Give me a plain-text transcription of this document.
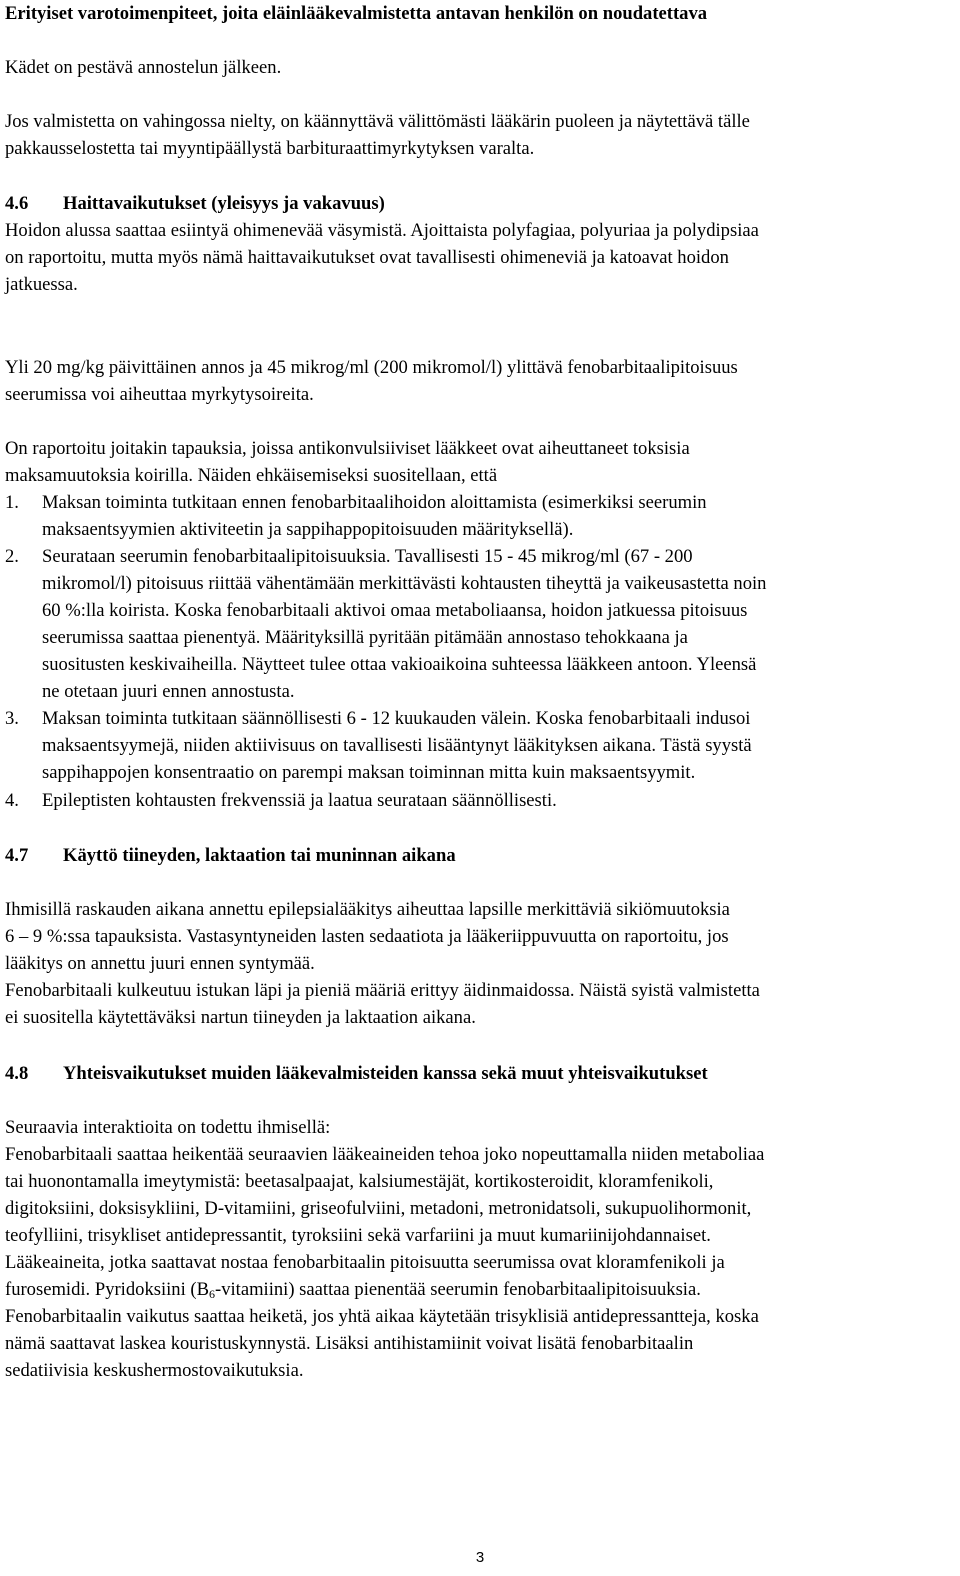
Erityiset varotoimenpiteet, joita eläinlääkevalmistetta antavan henkilön on noudatettava
Kädet on pestävä annostelun jälkeen.
Jos valmistetta on vahingossa nielty, on käännyttävä välittömästi lääkärin puoleen ja näytettävä tälle
pakkausselostetta tai myyntipäällystä barbituraattimyrkytyksen varalta.
4.6 Haittavaikutukset (yleisyys ja vakavuus)
Hoidon alussa saattaa esiintyä ohimenevää väsymistä. Ajoittaista polyfagiaa, polyuriaa ja polydipsiaa
on raportoitu, mutta myös nämä haittavaikutukset ovat tavallisesti ohimeneviä ja katoavat hoidon
jatkuessa.
Yli 20 mg/kg päivittäinen annos ja 45 mikrog/ml (200 mikromol/l) ylittävä fenobarbitaalipitoisuus
seerumissa voi aiheuttaa myrkytysoireita.
On raportoitu joitakin tapauksia, joissa antikonvulsiiviset lääkkeet ovat aiheuttaneet toksisia
maksamuutoksia koirilla. Näiden ehkäisemiseksi suositellaan, että
1. Maksan toiminta tutkitaan ennen fenobarbitaalihoidon aloittamista (esimerkiksi seerumin
maksaentsyymien aktiviteetin ja sappihappopitoisuuden määrityksellä).
2. Seurataan seerumin fenobarbitaalipitoisuuksia. Tavallisesti 15 - 45 mikrog/ml (67 - 200
mikromol/l) pitoisuus riittää vähentämään merkittävästi kohtausten tiheyttä ja vaikeusastetta noin
60 %:lla koirista. Koska fenobarbitaali aktivoi omaa metaboliaansa, hoidon jatkuessa pitoisuus
seerumissa saattaa pienentyä. Määrityksillä pyritään pitämään annostaso tehokkaana ja
suositusten keskivaiheilla. Näytteet tulee ottaa vakioaikoina suhteessa lääkkeen antoon. Yleensä
ne otetaan juuri ennen annostusta.
3. Maksan toiminta tutkitaan säännöllisesti 6 - 12 kuukauden välein. Koska fenobarbitaali indusoi
maksaentsyymejä, niiden aktiivisuus on tavallisesti lisääntynyt lääkityksen aikana. Tästä syystä
sappihappojen konsentraatio on parempi maksan toiminnan mitta kuin maksaentsyymit.
4. Epileptisten kohtausten frekvenssiä ja laatua seurataan säännöllisesti.
4.7 Käyttö tiineyden, laktaation tai muninnan aikana
Ihmisillä raskauden aikana annettu epilepsialääkitys aiheuttaa lapsille merkittäviä sikiömuutoksia
6 – 9 %:ssa tapauksista. Vastasyntyneiden lasten sedaatiota ja lääkeriippuvuutta on raportoitu, jos
lääkitys on annettu juuri ennen syntymää.
Fenobarbitaali kulkeutuu istukan läpi ja pieniä määriä erittyy äidinmaidossa. Näistä syistä valmistetta
ei suositella käytettäväksi nartun tiineyden ja laktaation aikana.
4.8 Yhteisvaikutukset muiden lääkevalmisteiden kanssa sekä muut yhteisvaikutukset
Seuraavia interaktioita on todettu ihmisellä:
Fenobarbitaali saattaa heikentää seuraavien lääkeaineiden tehoa joko nopeuttamalla niiden metaboliaa
tai huonontamalla imeytymistä: beetasalpaajat, kalsiumestäjät, kortikosteroidit, kloramfenikoli,
digitoksiini, doksisykliini, D-vitamiini, griseofulviini, metadoni, metronidatsoli, sukupuolihormonit,
teofylliini, trisykliset antidepressantit, tyroksiini sekä varfariini ja muut kumariinijohdannaiset.
Lääkeaineita, jotka saattavat nostaa fenobarbitaalin pitoisuutta seerumissa ovat kloramfenikoli ja
furosemidi. Pyridoksiini $(B_6-vitamiini)$ saattaa pienentää seerumin fenobarbitaalipitoisuuksia.
Fenobarbitaalin vaikutus saattaa heiketä, jos yhtä aikaa käytetään trisyklisiä antidepressantteja, koska
nämä saattavat laskea kouristuskynnystä. Lisäksi antihistamiinit voivat lisätä fenobarbitaalin
sedatiivisia keskushermostovaikutuksia.
3
